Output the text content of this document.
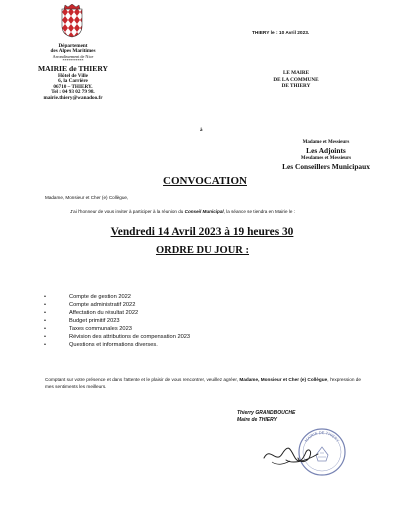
Département
des Alpes Maritimes
Arrondissement de Nice
**********
MAIRIE de THIERY
Hôtel de Ville
6, la Carrière
06710 – THIERY.
Tel : 04 93 02 79 98.
mairie.thiery@wanadoo.fr
THIERY le : 10 Avril 2023.
LE MAIRE
DE LA COMMUNE
DE THIERY
à
Madame et Messieurs
Les Adjoints
Mesdames et Messieurs
Les Conseillers Municipaux
CONVOCATION
Madame, Monsieur et Cher (e) Collègue,
J'ai l'honneur de vous inviter à participer à la réunion du Conseil Municipal, la séance se tiendra en Mairie le :
Vendredi 14 Avril 2023 à 19 heures 30
ORDRE DU JOUR :
•	Compte de gestion 2022
•	Compte administratif 2022
•	Affectation du résultat 2022
•	Budget primitif 2023
•	Taxes communales 2023
•	Révision des attributions de compensation 2023
•	Questions et informations diverses.
Comptant sur votre présence et dans l'attente et le plaisir de vous rencontrer, veuillez agréer, Madame, Monsieur et Cher (e) Collègue, l'expression de mes sentiments les meilleurs.
Thierry GRANDBOUCHE
Maire de THIERY
MAIRIE DE THIERY
